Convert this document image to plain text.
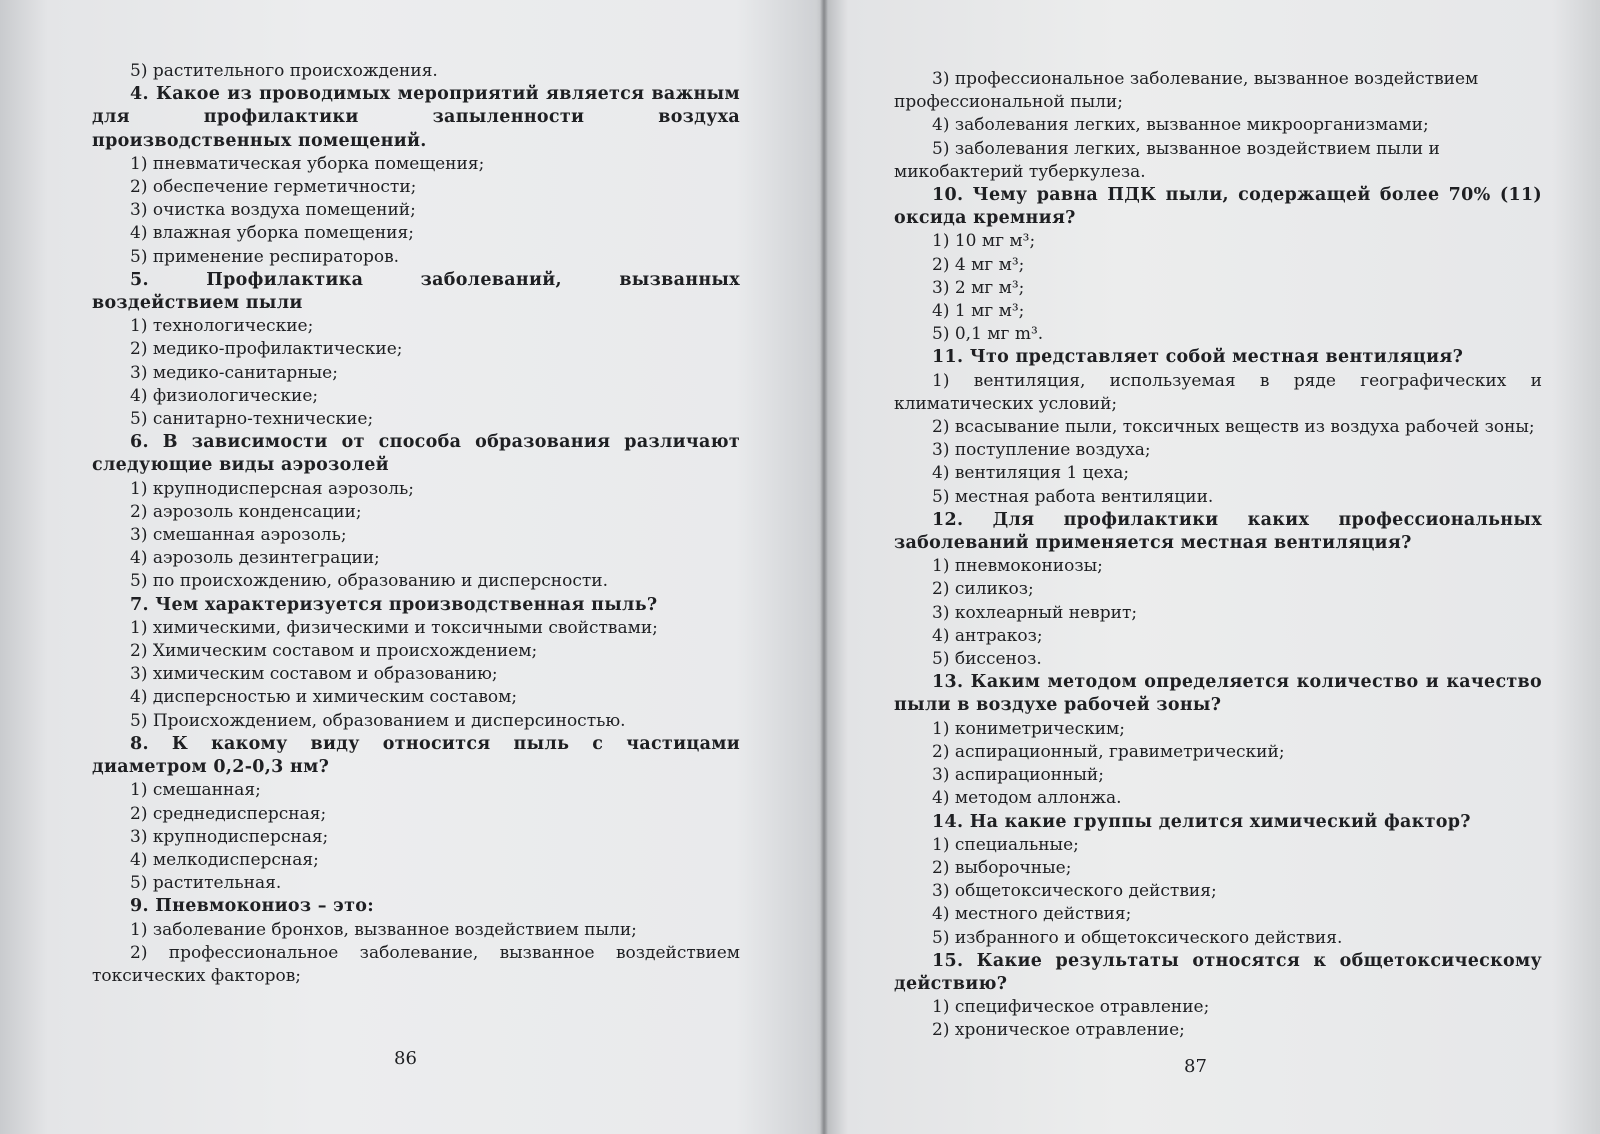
5) растительного происхождения.

4. Какое из проводимых мероприятий является важным для профилактики запыленности воздуха производственных помещений.

1) пневматическая уборка помещения;

2) обеспечение герметичности;

3) очистка воздуха помещений;

4) влажная уборка помещения;

5) применение респираторов.

5. Профилактика заболеваний, вызванных воздействием пыли

1) технологические;

2) медико-профилактические;

3) медико-санитарные;

4) физиологические;

5) санитарно-технические;

6. В зависимости от способа образования различают следующие виды аэрозолей

1) крупнодисперсная аэрозоль;

2) аэрозоль конденсации;

3) смешанная аэрозоль;

4) аэрозоль дезинтеграции;

5) по происхождению, образованию и дисперсности.

7. Чем характеризуется производственная пыль?

1) химическими, физическими и токсичными свойствами;

2) Химическим составом и происхождением;

3) химическим составом и образованию;

4) дисперсностью и химическим составом;

5) Происхождением, образованием и дисперсиностью.

8. К какому виду относится пыль с частицами диаметром 0,2-0,3 нм?

1) смешанная;

2) среднедисперсная;

3) крупнодисперсная;

4) мелкодисперсная;

5) растительная.

9. Пневмокониоз – это:

1) заболевание бронхов, вызванное воздействием пыли;

2) профессиональное заболевание, вызванное воздействием токсических факторов;

86

3) профессиональное заболевание, вызванное воздействием профессиональной пыли;

4) заболевания легких, вызванное микроорганизмами;

5) заболевания легких, вызванное воздействием пыли и микобактерий туберкулеза.

10. Чему равна ПДК пыли, содержащей более 70% (11) оксида кремния?

1) 10 мг м³;

2) 4 мг м³;

3) 2 мг м³;

4) 1 мг м³;

5) 0,1 мг m³.

11. Что представляет собой местная вентиляция?

1) вентиляция, используемая в ряде географических и климатических условий;

2) всасывание пыли, токсичных веществ из воздуха рабочей зоны;

3) поступление воздуха;

4) вентиляция 1 цеха;

5) местная работа вентиляции.

12. Для профилактики каких профессиональных заболеваний применяется местная вентиляция?

1) пневмокониозы;

2) силикоз;

3) кохлеарный неврит;

4) антракоз;

5) биссеноз.

13. Каким методом определяется количество и качество пыли в воздухе рабочей зоны?

1) кониметрическим;

2) аспирационный, гравиметрический;

3) аспирационный;

4) методом аллонжа.

14. На какие группы делится химический фактор?

1) специальные;

2) выборочные;

3) общетоксического действия;

4) местного действия;

5) избранного и общетоксического действия.

15. Какие результаты относятся к общетоксическому действию?

1) специфическое отравление;

2) хроническое отравление;

87
